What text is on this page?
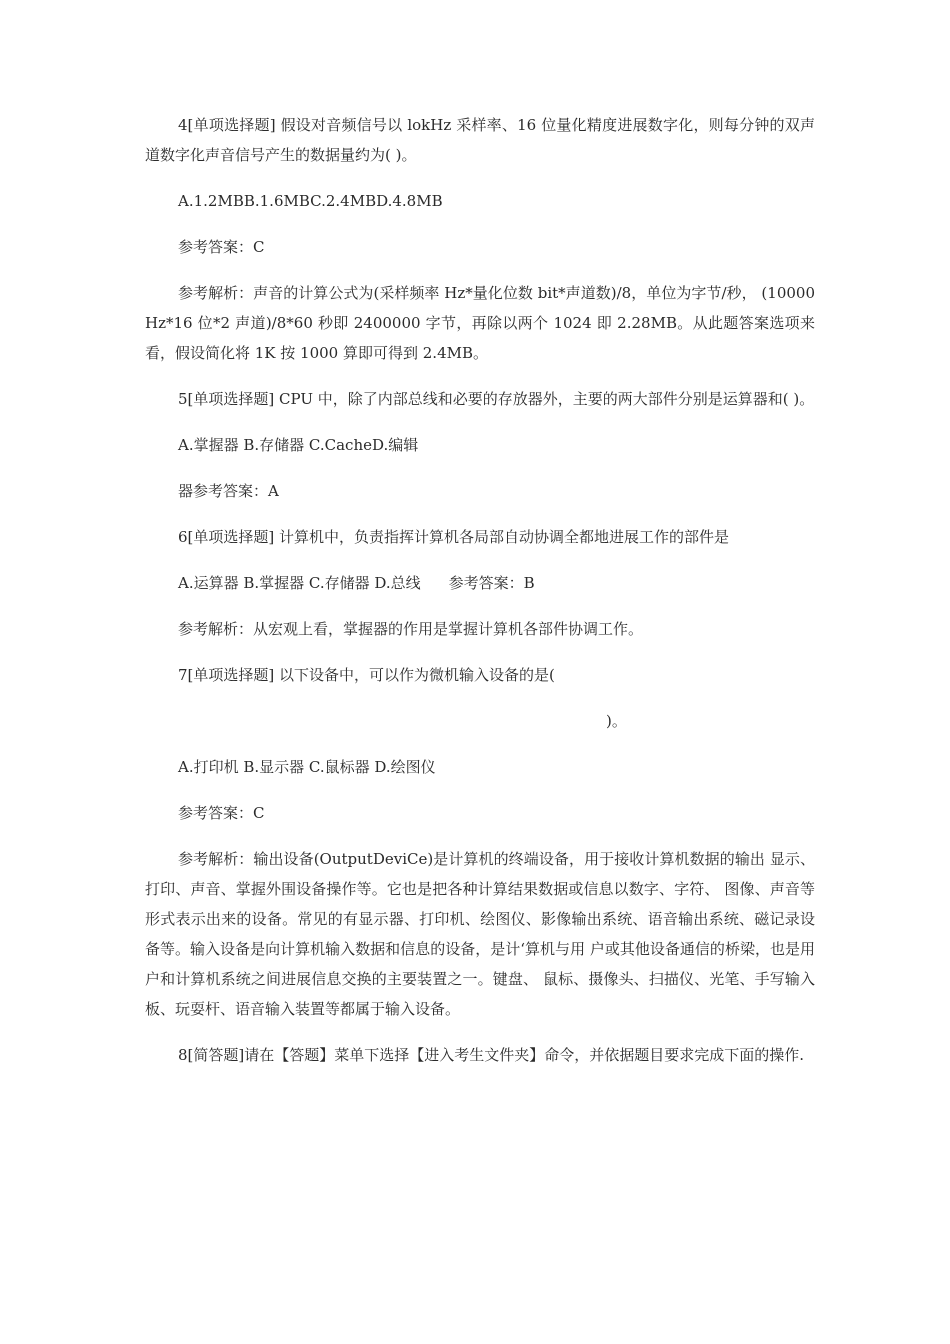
4[单项选择题] 假设对音频信号以 lokHz 采样率、16 位量化精度进展数字化，则每分钟的双声道数字化声音信号产生的数据量约为( )。

A.1.2MBB.1.6MBC.2.4MBD.4.8MB

参考答案：C

参考解析：声音的计算公式为(采样频率 Hz*量化位数 bit*声道数)/8，单位为字节/秒， (10000Hz*16 位*2 声道)/8*60 秒即 2400000 字节，再除以两个 1024 即 2.28MB。从此题答案选项来看，假设简化将 1K 按 1000 算即可得到 2.4MB。

5[单项选择题] CPU 中，除了内部总线和必要的存放器外，主要的两大部件分别是运算器和( )。

A.掌握器 B.存储器 C.CacheD.编辑

器参考答案：A

6[单项选择题] 计算机中，负责指挥计算机各局部自动协调全都地进展工作的部件是

A.运算器 B.掌握器 C.存储器 D.总线 参考答案：B

参考解析：从宏观上看，掌握器的作用是掌握计算机各部件协调工作。

7[单项选择题] 以下设备中，可以作为微机输入设备的是(

)。

A.打印机 B.显示器 C.鼠标器 D.绘图仪

参考答案：C

参考解析：输出设备(OutputDeviCe)是计算机的终端设备，用于接收计算机数据的输出 显示、打印、声音、掌握外围设备操作等。它也是把各种计算结果数据或信息以数字、字符、 图像、声音等形式表示出来的设备。常见的有显示器、打印机、绘图仪、影像输出系统、语音输出系统、磁记录设备等。输入设备是向计算机输入数据和信息的设备，是计‘算机与用 户或其他设备通信的桥梁，也是用户和计算机系统之间进展信息交换的主要装置之一。键盘、 鼠标、摄像头、扫描仪、光笔、手写输入板、玩耍杆、语音输入装置等都属于输入设备。

8[简答题]请在【答题】菜单下选择【进入考生文件夹】命令，并依据题目要求完成下面的操作.
